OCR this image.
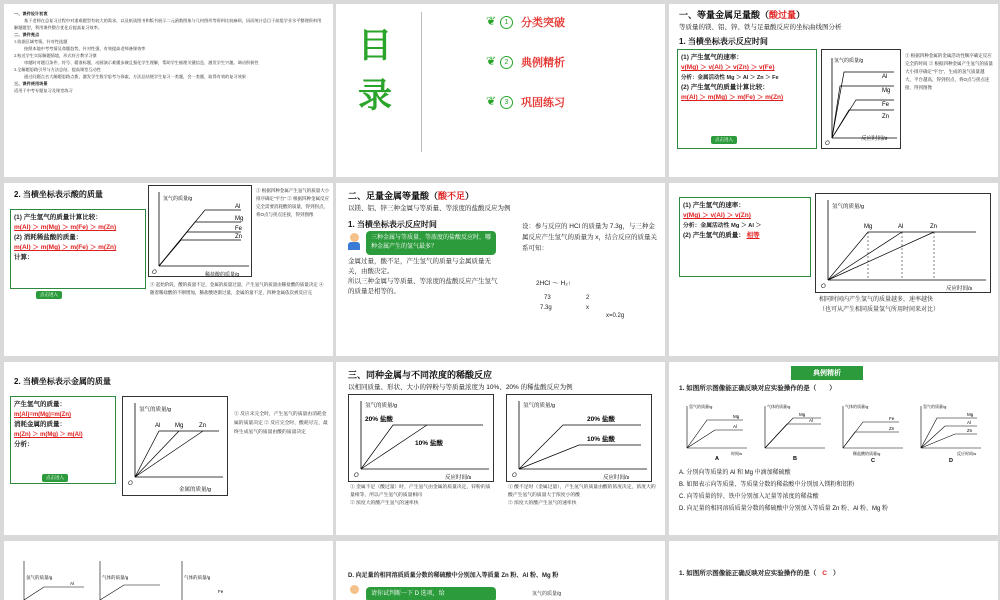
一、课件设计初衷
基于老师在总复习过程中对重难题型有较大的需求，以及纸质图书和版书展示二元函数图象与几何图形等资料比较麻烦，因而统计总目于前组学业水平整理资料用解题题型，利用课件整合优化后提高复习效率。
二、课件亮点
1.依据区域考情，针对性选题
按照本地中考考情及命题趋势，针对性强，有效提高老师备课效率
2.贴近学生实际解题情境，形式符合教学习惯
审题时对题目条件、符号、精准标题、动画演示难懂步骤且强化学生理解，帮助学生梳理关键信息，激发学生兴趣，调动积极性
3.全解题思路引导与方法总结，提高课堂互动性
通过问题点名大解题思路点拨，激发学生数学思考与探索，方法总结便学生复习一类题，会一类题，取得有效的复习效果
三、课件使用场景
适用于中考专题复习及课堂练习
目
录
❦	1	分类突破
❦	2	典例精析
❦	3	巩固练习
一、等量金属足量酸（酸过量）
等质量的镁、铝、锌、铁与足量酸反应的坐标曲线图分析
1. 当横坐标表示反应时间
(1) 产生氢气的速率：
v(Mg) ＞ v(Al) ＞ v(Zn) ＞ v(Fe)
分析：金属活动性 Mg ＞ Al ＞ Zn ＞ Fe
(2) 产生氢气的质量计算比较：
m(Al) ＞ m(Mg) ＞ m(Fe) ＞ m(Zn)
点击进入
氢气的质量/g
O
Al
Mg
Fe
Zn
反应时间/s
① 根据四种金属的金属活动性顺序确定反应完全的时间 ② 根据四种金属产生氢气的质量大小排序确定“平台”，生成的氢气质量越大，平台越高，得到拐点，将O点与拐点连接，得到图像
2. 当横坐标表示酸的质量
(1) 产生氢气的质量计算比较：
m(Al) ＞ m(Mg) ＞ m(Fe) ＞ m(Zn)
(2) 消耗稀盐酸的质量：
m(Al) ＞ m(Mg) ＞ m(Fe) ＞ m(Zn)
计算：
点击进入
氢气的质量/g
O
Al
Mg
Fe
Zn
稀盐酸的质量/g
① 根据四种金属产生氢气的质量大小排序确定“平台” ② 根据四种金属反应完全需要消耗酸的质量，得到拐点，将O点与拐点连接，得到图像
③ 起始阶段，酸的质量不足，金属的质量过量，产生氢气的质量由稀盐酸的质量决定 ④ 随着稀盐酸的不断增加，稀盐酸逐渐过量，金属的量不足，四种金属依次被反应完
二、足量金属等量酸（酸不足）
以镁、铝、锌三种金属与等质量、等浓度的盐酸反应为例
1. 当横坐标表示反应时间
三种金属与等质量、等浓度的盐酸反应时，哪种金属产生的氢气最多？
金属过量，酸不足，产生氢气的质量与金属质量无关，由酸决定。
所以三种金属与等质量、等浓度的盐酸反应产生氢气的质量是相等的。
设：参与反应的 HCl 的质量为 7.3g，与三种金属反应产生氢气的质量为 x，结合反应的质量关系可知：
2HCl ～ H₂↑
73	2
7.3g	x
x=0.2g
(1) 产生氢气的速率：
v(Mg) ＞ v(Al) ＞ v(Zn)
分析：金属活动性 Mg ＞ Al ＞
(2) 产生氢气的质量： 相等
氢气的质量/g
O
Mg	Al	Zn
反应时间/s
相同时间内产生氢气的质量越多，速率越快
（也可从产生相同质量氢气所用时间来对比）
2. 当横坐标表示金属的质量
产生氢气的质量：
m(Al)=m(Mg)=m(Zn)
消耗金属的质量：
m(Zn) ＞ m(Mg) ＞ m(Al)
分析：
点击进入
氢气的质量/g
O
Al Mg	Zn
金属的质量/g
① 反应未完全时，产生氢气的质量由消耗金属的质量决定 ② 反应完全时，酸耗尽完，最终生成氢气的质量由酸的质量决定
三、同种金属与不同浓度的稀酸反应
以相同质量、形状、大小的锌粉与等质量浓度为 10%、20% 的稀盐酸反应为例
氢气的质量/g
20% 盐酸
10% 盐酸
O	反应时间/s
氢气的质量/g
20% 盐酸
10% 盐酸
O	反应时间/s
① 金属不足（酸过量）时，产生氢气由金属的质量决定，锌粉的质量相等，所以产生氢气的质量相同
② 浓度大的酸产生氢气的速率快
① 酸不足时（金属过量），产生氢气的质量由酸的浓度决定，浓度大的酸产生氢气的质量大于浓度小的酸
② 浓度大的酸产生氢气的速率快
典例精析
1. 如图所示图像能正确反映对应实验操作的是（　　）
氢气的质量/g
Mg
Al
A
时间/s
气体的质量/g
Mg
Al
B
气体的质量/g
Fe
Zn
稀盐酸的质量/g
C
氢气的质量/g
Mg
Al
Zn
反应时间/s
D
A. 分别向等质量的 Al 和 Mg 中滴加稀硫酸
B. 如图表示向等质量、等质量分数的稀盐酸中分别加入镁粉和铝粉
C. 向等质量的锌、铁中分别加入足量等浓度的稀盐酸
D. 向足量的相同溶质质量分数的稀硫酸中分别加入等质量 Zn 粉、Al 粉、Mg 粉
氢气的质量/g
Al
气体的质量/g	气体的质量/g
Fe
D. 向足量的相同溶质质量分数的稀硫酸中分别加入等质量 Zn 粉、Al 粉、Mg 粉
请你试判断一下 D 选项，给	氢气的质量/g
1. 如图所示图像能正确反映对应实验操作的是（ C ）
